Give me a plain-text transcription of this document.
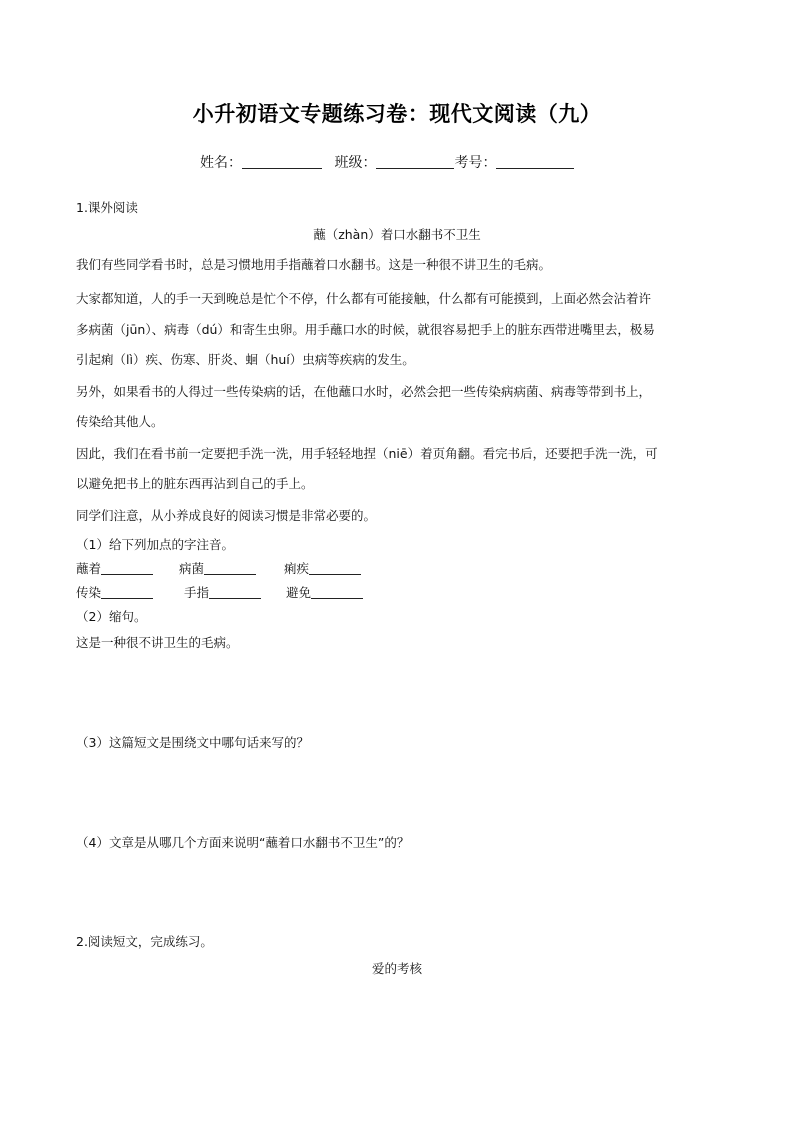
小升初语文专题练习卷：现代文阅读（九）
姓名：	班级：	考号：
1.课外阅读
蘸（zhàn）着口水翻书不卫生
我们有些同学看书时，总是习惯地用手指蘸着口水翻书。这是一种很不讲卫生的毛病。
大家都知道，人的手一天到晚总是忙个不停，什么都有可能接触，什么都有可能摸到，上面必然会沾着许
多病菌（jūn）、病毒（dú）和寄生虫卵。用手蘸口水的时候，就很容易把手上的脏东西带进嘴里去，极易
引起痢（lì）疾、伤寒、肝炎、蛔（huí）虫病等疾病的发生。
另外，如果看书的人得过一些传染病的话，在他蘸口水时，必然会把一些传染病病菌、病毒等带到书上，
传染给其他人。
因此，我们在看书前一定要把手洗一洗，用手轻轻地捏（niē）着页角翻。看完书后，还要把手洗一洗，可
以避免把书上的脏东西再沾到自己的手上。
同学们注意，从小养成良好的阅读习惯是非常必要的。
（1）给下列加点的字注音。
蘸着	病菌	痢疾
传染	手指	避免
（2）缩句。
这是一种很不讲卫生的毛病。
（3）这篇短文是围绕文中哪句话来写的？
（4）文章是从哪几个方面来说明“蘸着口水翻书不卫生”的？
2.阅读短文，完成练习。
爱的考核
